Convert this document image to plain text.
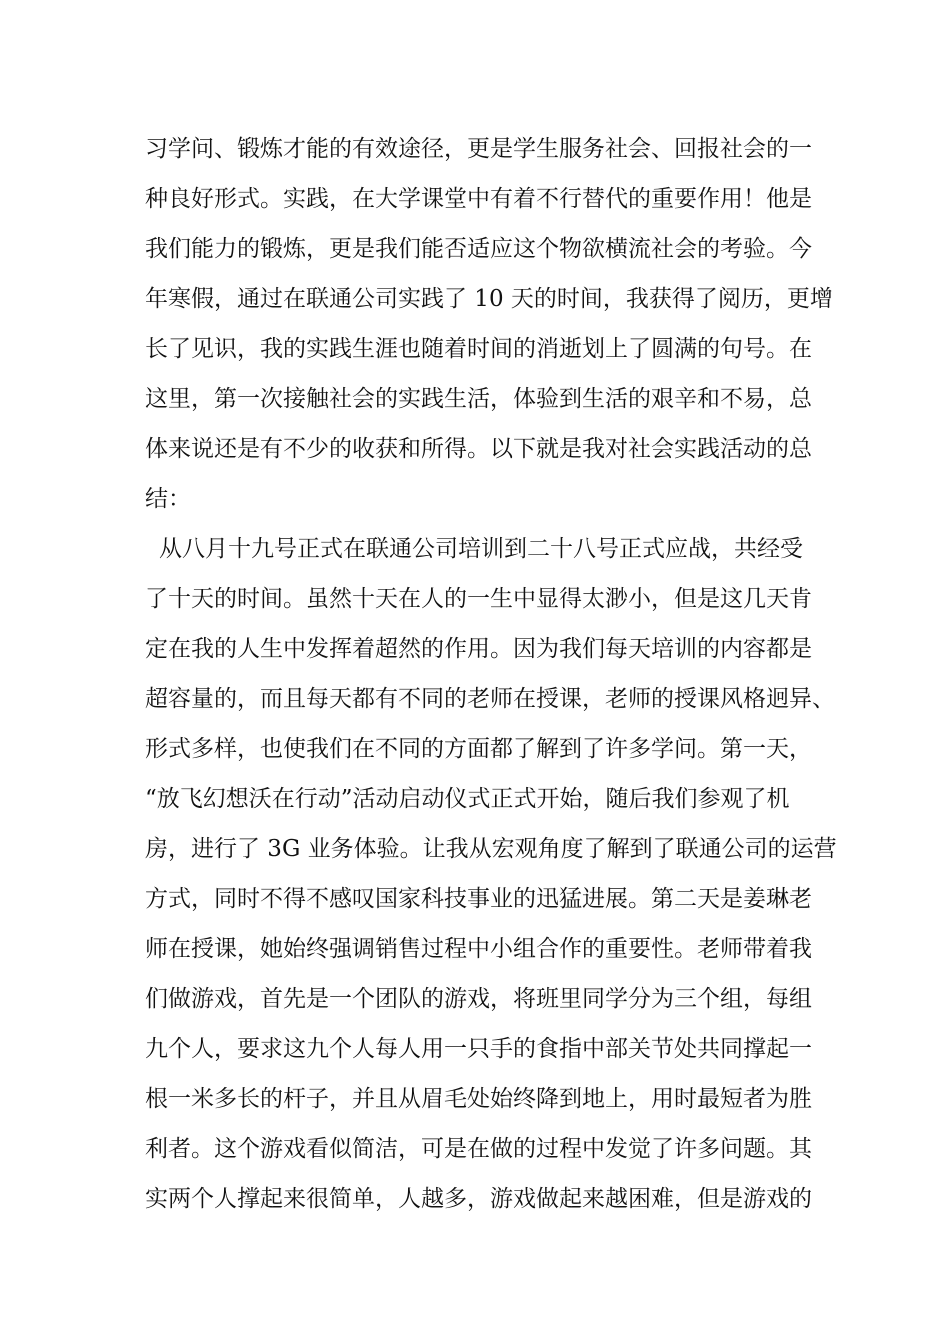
习学问、锻炼才能的有效途径，更是学生服务社会、回报社会的一
种良好形式。实践，在大学课堂中有着不行替代的重要作用！他是
我们能力的锻炼，更是我们能否适应这个物欲横流社会的考验。今
年寒假，通过在联通公司实践了 10 天的时间，我获得了阅历，更增
长了见识，我的实践生涯也随着时间的消逝划上了圆满的句号。在
这里，第一次接触社会的实践生活，体验到生活的艰辛和不易，总
体来说还是有不少的收获和所得。以下就是我对社会实践活动的总
结：
从八月十九号正式在联通公司培训到二十八号正式应战，共经受
了十天的时间。虽然十天在人的一生中显得太渺小，但是这几天肯
定在我的人生中发挥着超然的作用。因为我们每天培训的内容都是
超容量的，而且每天都有不同的老师在授课，老师的授课风格迥异、
形式多样，也使我们在不同的方面都了解到了许多学问。第一天，
“放飞幻想沃在行动”活动启动仪式正式开始，随后我们参观了机
房，进行了 3G 业务体验。让我从宏观角度了解到了联通公司的运营
方式，同时不得不感叹国家科技事业的迅猛进展。第二天是姜琳老
师在授课，她始终强调销售过程中小组合作的重要性。老师带着我
们做游戏，首先是一个团队的游戏，将班里同学分为三个组，每组
九个人，要求这九个人每人用一只手的食指中部关节处共同撑起一
根一米多长的杆子，并且从眉毛处始终降到地上，用时最短者为胜
利者。这个游戏看似简洁，可是在做的过程中发觉了许多问题。其
实两个人撑起来很简单，人越多，游戏做起来越困难，但是游戏的
